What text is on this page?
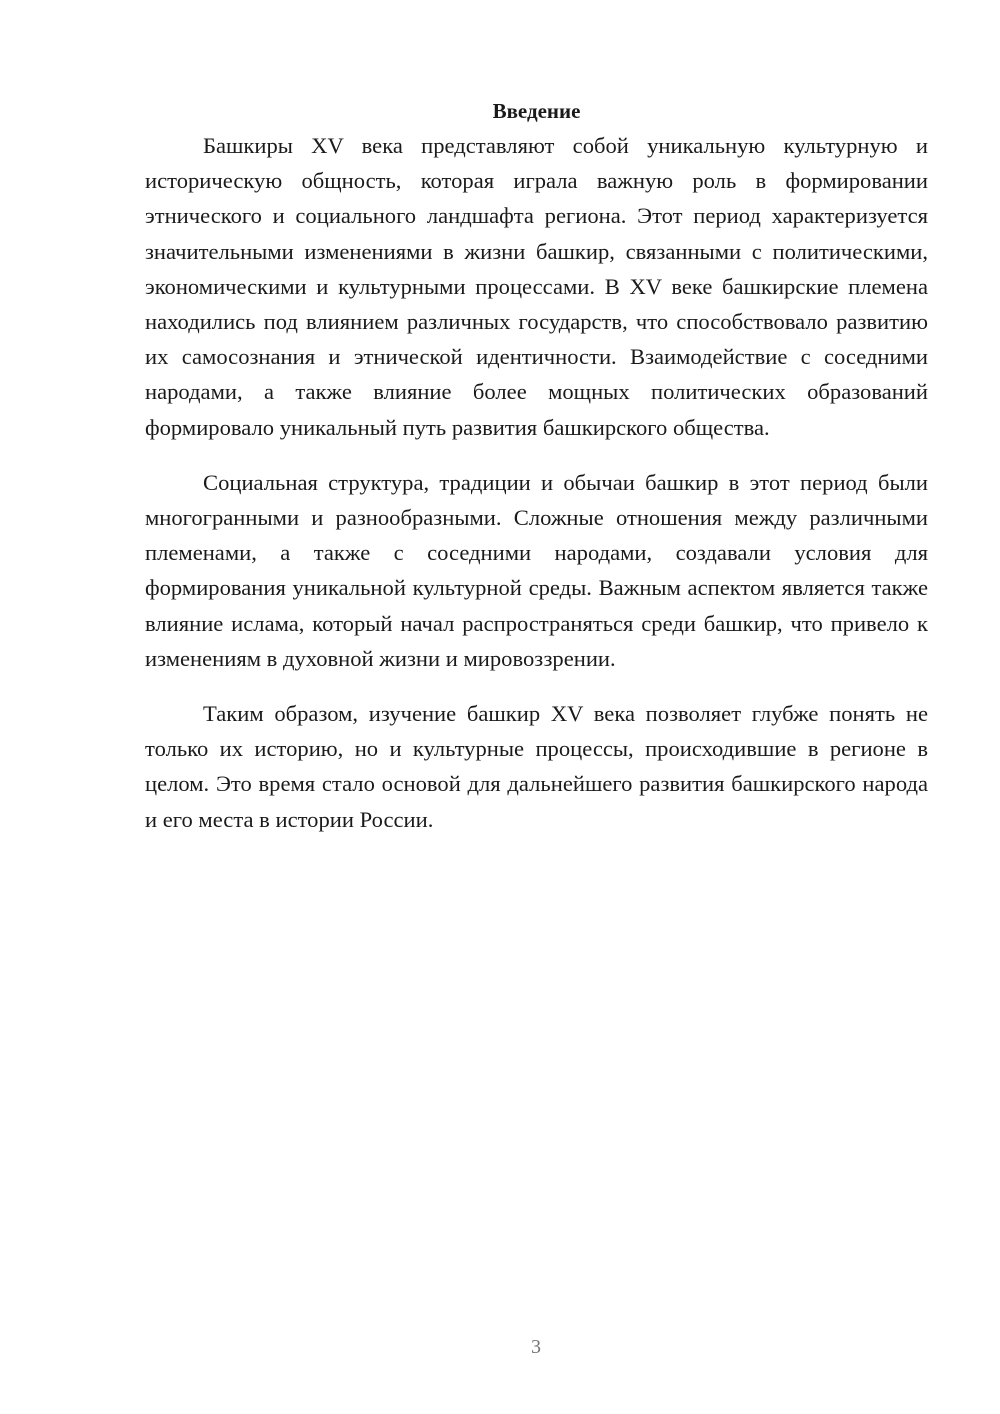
Введение

Башкиры XV века представляют собой уникальную культурную и историческую общность, которая играла важную роль в формировании этнического и социального ландшафта региона. Этот период характеризуется значительными изменениями в жизни башкир, связанными с политическими, экономическими и культурными процессами. В XV веке башкирские племена находились под влиянием различных государств, что способствовало развитию их самосознания и этнической идентичности. Взаимодействие с соседними народами, а также влияние более мощных политических образований формировало уникальный путь развития башкирского общества.

Социальная структура, традиции и обычаи башкир в этот период были многогранными и разнообразными. Сложные отношения между различными племенами, а также с соседними народами, создавали условия для формирования уникальной культурной среды. Важным аспектом является также влияние ислама, который начал распространяться среди башкир, что привело к изменениям в духовной жизни и мировоззрении.

Таким образом, изучение башкир XV века позволяет глубже понять не только их историю, но и культурные процессы, происходившие в регионе в целом. Это время стало основой для дальнейшего развития башкирского народа и его места в истории России.

3
